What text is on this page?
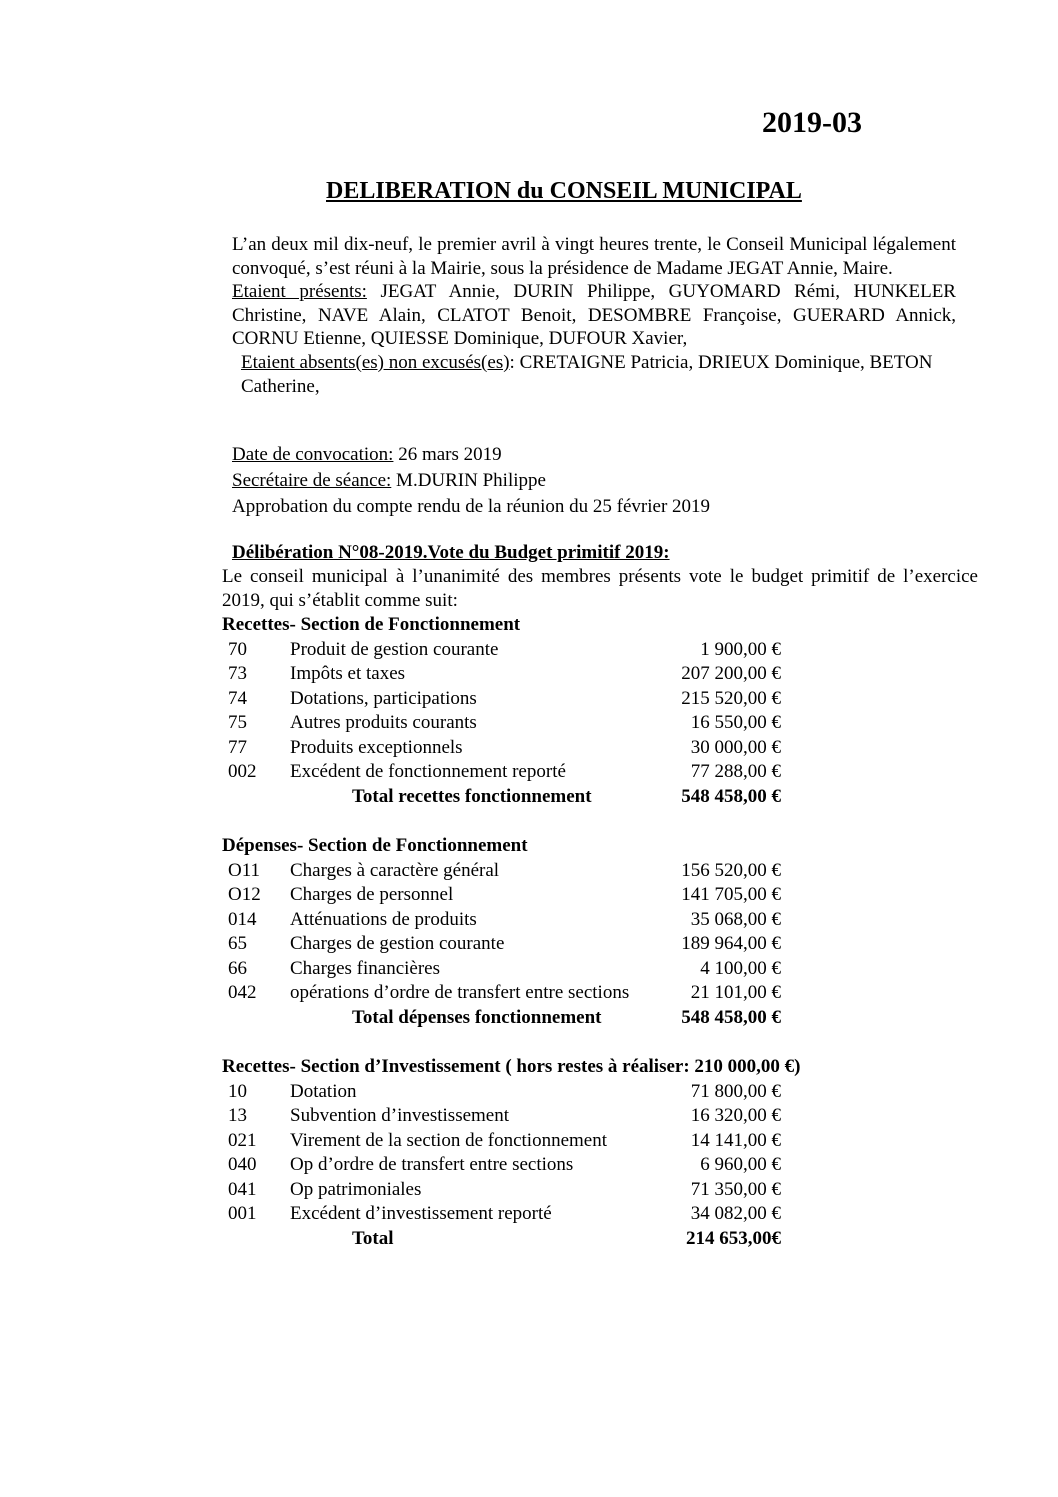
2019-03
DELIBERATION du CONSEIL MUNICIPAL

L’an deux mil dix-neuf, le premier avril à vingt heures trente, le Conseil Municipal légalement convoqué, s’est réuni à la Mairie, sous la présidence de Madame JEGAT Annie, Maire.

Etaient présents: JEGAT Annie, DURIN Philippe, GUYOMARD Rémi, HUNKELER Christine, NAVE Alain, CLATOT Benoit, DESOMBRE Françoise, GUERARD Annick, CORNU Etienne, QUIESSE Dominique, DUFOUR Xavier,

Etaient absents(es) non excusés(es): CRETAIGNE Patricia, DRIEUX Dominique, BETON Catherine,

Date de convocation: 26 mars 2019
Secrétaire de séance: M.DURIN Philippe
Approbation du compte rendu de la réunion du 25 février 2019
Délibération N°08-2019.Vote du Budget primitif 2019:
Le conseil municipal à l’unanimité des membres présents vote le budget primitif de l’exercice 2019, qui s’établit comme suit:
Recettes- Section de Fonctionnement
70 Produit de gestion courante	1 900,00 €
73 Impôts et taxes	207 200,00 €
74 Dotations, participations	215 520,00 €
75 Autres produits courants	16 550,00 €
77 Produits exceptionnels	30 000,00 €
002 Excédent de fonctionnement reporté	77 288,00 €
Total recettes fonctionnement	548 458,00 €
Dépenses- Section de Fonctionnement
O11 Charges à caractère général	156 520,00 €
O12 Charges de personnel	141 705,00 €
014 Atténuations de produits	35 068,00 €
65 Charges de gestion courante	189 964,00 €
66 Charges financières	4 100,00 €
042 opérations d’ordre de transfert entre sections	21 101,00 €
Total dépenses fonctionnement	548 458,00 €
Recettes- Section d’Investissement ( hors restes à réaliser: 210 000,00 €)
10 Dotation	71 800,00 €
13 Subvention d’investissement	16 320,00 €
021 Virement de la section de fonctionnement	14 141,00 €
040 Op d’ordre de transfert entre sections	6 960,00 €
041 Op patrimoniales	71 350,00 €
001 Excédent d’investissement reporté	34 082,00 €
Total	214 653,00€
